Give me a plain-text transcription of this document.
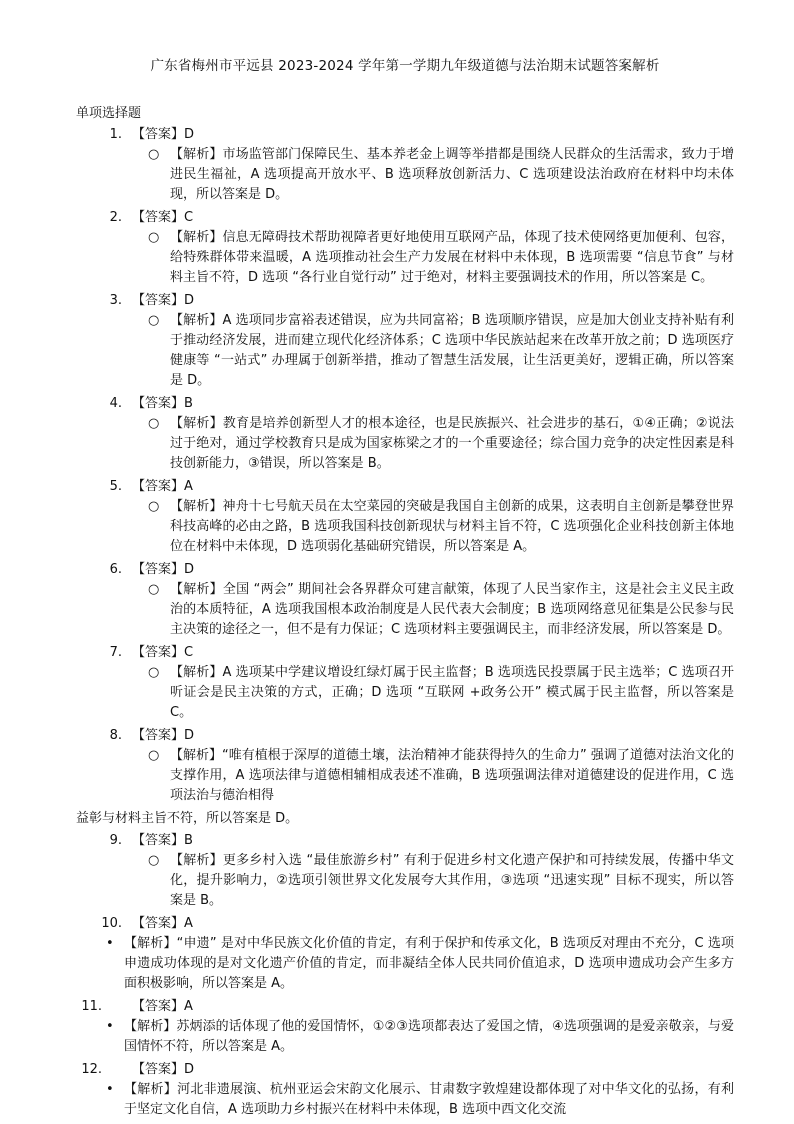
广东省梅州市平远县 2023-2024 学年第一学期九年级道德与法治期末试题答案解析
单项选择题
1. 【答案】D
○ 【解析】市场监管部门保障民生、基本养老金上调等举措都是围绕人民群众的生活需求，致力于增进民生福祉，A 选项提高开放水平、B 选项释放创新活力、C 选项建设法治政府在材料中均未体现，所以答案是 D。
2. 【答案】C
○ 【解析】信息无障碍技术帮助视障者更好地使用互联网产品，体现了技术使网络更加便利、包容，给特殊群体带来温暖，A 选项推动社会生产力发展在材料中未体现，B 选项需要 “信息节食” 与材料主旨不符，D 选项 “各行业自觉行动” 过于绝对，材料主要强调技术的作用，所以答案是 C。
3. 【答案】D
○ 【解析】A 选项同步富裕表述错误，应为共同富裕；B 选项顺序错误，应是加大创业支持补贴有利于推动经济发展，进而建立现代化经济体系；C 选项中华民族站起来在改革开放之前；D 选项医疗健康等 “一站式” 办理属于创新举措，推动了智慧生活发展，让生活更美好，逻辑正确，所以答案是 D。
4. 【答案】B
○ 【解析】教育是培养创新型人才的根本途径，也是民族振兴、社会进步的基石，①④正确；②说法过于绝对，通过学校教育只是成为国家栋梁之才的一个重要途径；综合国力竞争的决定性因素是科技创新能力，③错误，所以答案是 B。
5. 【答案】A
○ 【解析】神舟十七号航天员在太空菜园的突破是我国自主创新的成果，这表明自主创新是攀登世界科技高峰的必由之路，B 选项我国科技创新现状与材料主旨不符，C 选项强化企业科技创新主体地位在材料中未体现，D 选项弱化基础研究错误，所以答案是 A。
6. 【答案】D
○ 【解析】全国 “两会” 期间社会各界群众可建言献策，体现了人民当家作主，这是社会主义民主政治的本质特征，A 选项我国根本政治制度是人民代表大会制度；B 选项网络意见征集是公民参与民主决策的途径之一，但不是有力保证；C 选项材料主要强调民主，而非经济发展，所以答案是 D。
7. 【答案】C
○ 【解析】A 选项某中学建议增设红绿灯属于民主监督；B 选项选民投票属于民主选举；C 选项召开听证会是民主决策的方式，正确；D 选项 “互联网 +政务公开” 模式属于民主监督，所以答案是 C。
8. 【答案】D
○ 【解析】“唯有植根于深厚的道德土壤，法治精神才能获得持久的生命力” 强调了道德对法治文化的支撑作用，A 选项法律与道德相辅相成表述不准确，B 选项强调法律对道德建设的促进作用，C 选项法治与德治相得
益彰与材料主旨不符，所以答案是 D。
9. 【答案】B
○ 【解析】更多乡村入选 “最佳旅游乡村” 有利于促进乡村文化遗产保护和可持续发展，传播中华文化，提升影响力，②选项引领世界文化发展夸大其作用，③选项 “迅速实现” 目标不现实，所以答案是 B。
10. 【答案】A
• 【解析】“申遗” 是对中华民族文化价值的肯定，有利于保护和传承文化，B 选项反对理由不充分，C 选项申遗成功体现的是对文化遗产价值的肯定，而非凝结全体人民共同价值追求，D 选项申遗成功会产生多方面积极影响，所以答案是 A。
11. 【答案】A
• 【解析】苏炳添的话体现了他的爱国情怀，①②③选项都表达了爱国之情，④选项强调的是爱亲敬亲，与爱国情怀不符，所以答案是 A。
12. 【答案】D
• 【解析】河北非遗展演、杭州亚运会宋韵文化展示、甘肃数字敦煌建设都体现了对中华文化的弘扬，有利于坚定文化自信，A 选项助力乡村振兴在材料中未体现，B 选项中西文化交流
